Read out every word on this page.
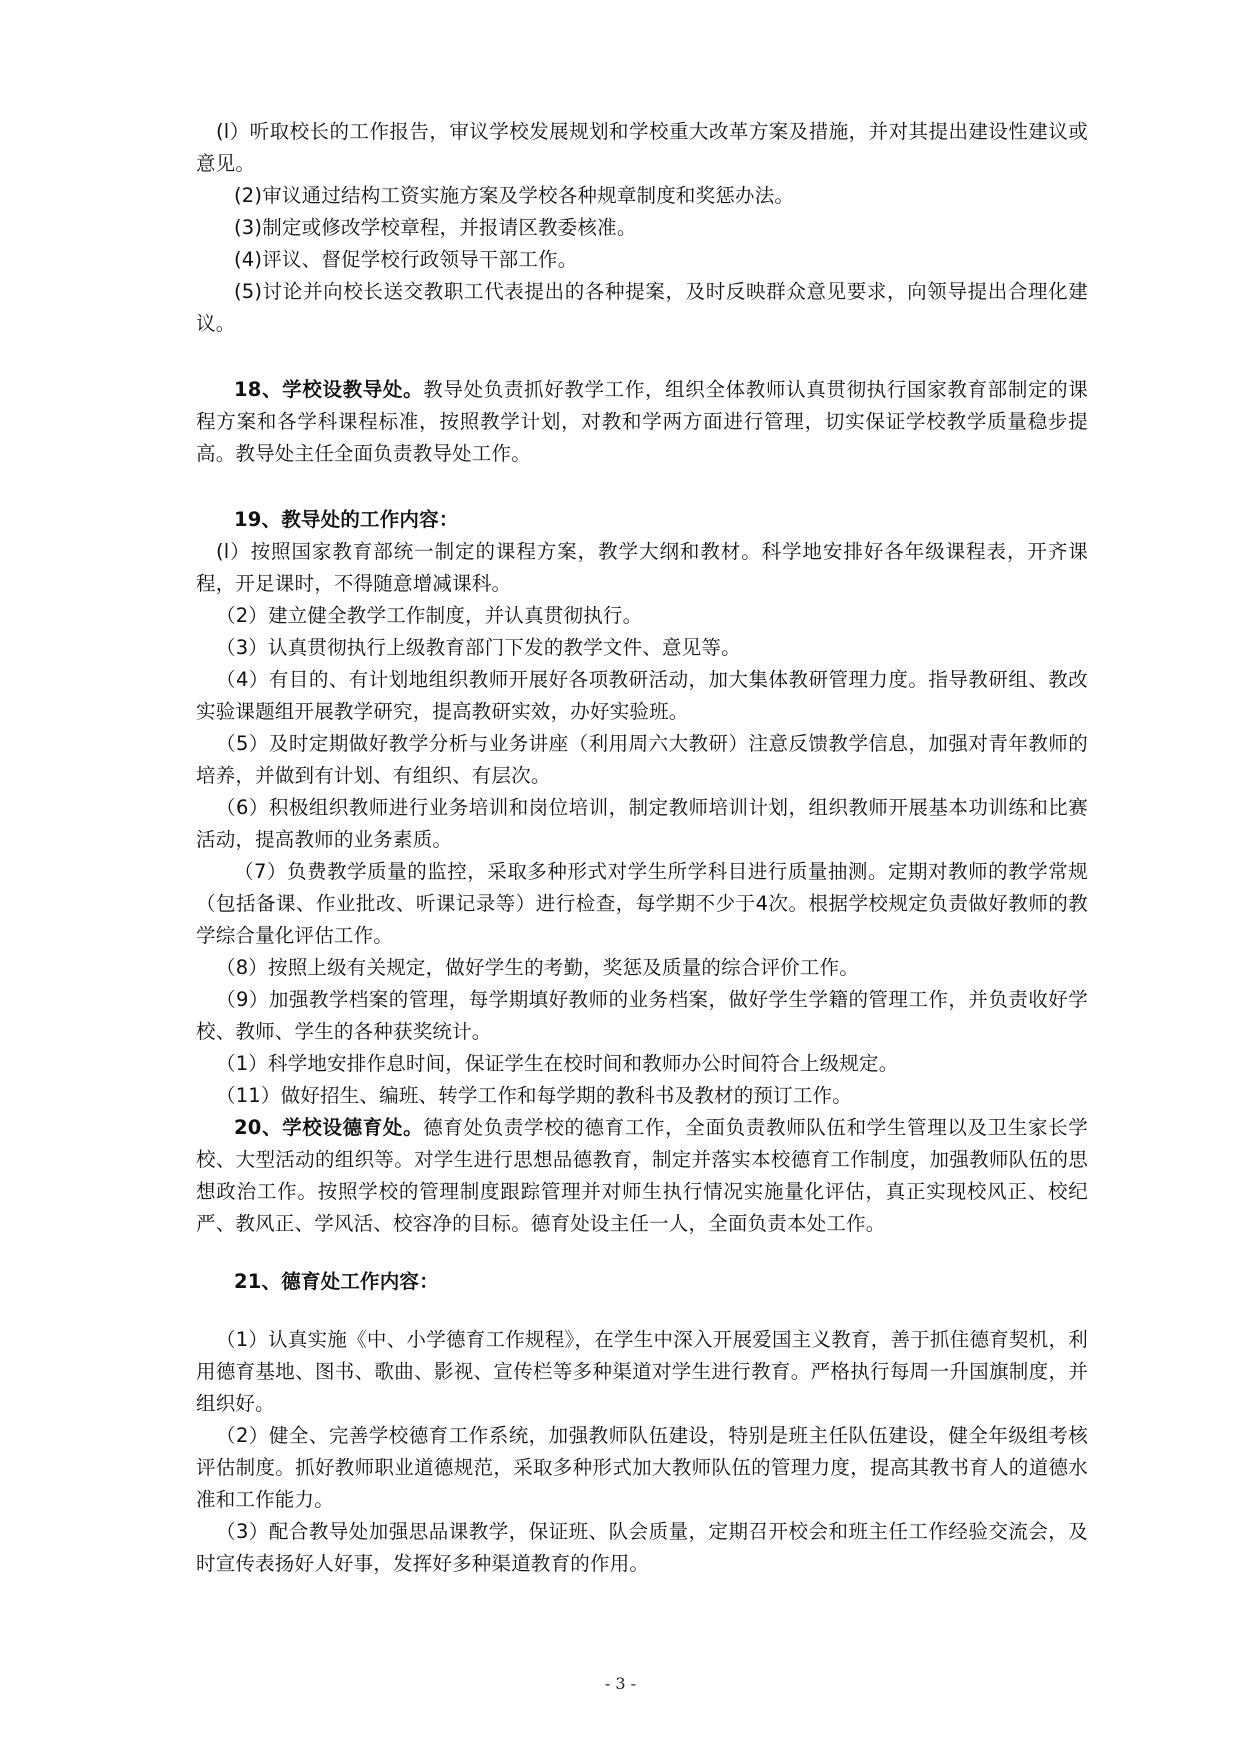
(l）听取校长的工作报告，审议学校发展规划和学校重大改革方案及措施，并对其提出建设性建议或意见。

(2)审议通过结构工资实施方案及学校各种规章制度和奖惩办法。

(3)制定或修改学校章程，并报请区教委核准。

(4)评议、督促学校行政领导干部工作。

(5)讨论并向校长送交教职工代表提出的各种提案，及时反映群众意见要求，向领导提出合理化建议。

18、学校设教导处。教导处负责抓好教学工作，组织全体教师认真贯彻执行国家教育部制定的课程方案和各学科课程标准，按照教学计划，对教和学两方面进行管理，切实保证学校教学质量稳步提高。教导处主任全面负责教导处工作。

19、教导处的工作内容：

(l）按照国家教育部统一制定的课程方案，教学大纲和教材。科学地安排好各年级课程表，开齐课程，开足课时，不得随意增减课科。

（2）建立健全教学工作制度，并认真贯彻执行。

（3）认真贯彻执行上级教育部门下发的教学文件、意见等。

（4）有目的、有计划地组织教师开展好各项教研活动，加大集体教研管理力度。指导教研组、教改实验课题组开展教学研究，提高教研实效，办好实验班。

（5）及时定期做好教学分析与业务讲座（利用周六大教研）注意反馈教学信息，加强对青年教师的培养，并做到有计划、有组织、有层次。

（6）积极组织教师进行业务培训和岗位培训，制定教师培训计划，组织教师开展基本功训练和比赛活动，提高教师的业务素质。

（7）负费教学质量的监控，采取多种形式对学生所学科目进行质量抽测。定期对教师的教学常规（包括备课、作业批改、听课记录等）进行检查，每学期不少于4次。根据学校规定负责做好教师的教学综合量化评估工作。

（8）按照上级有关规定，做好学生的考勤，奖惩及质量的综合评价工作。

（9）加强教学档案的管理，每学期填好教师的业务档案，做好学生学籍的管理工作，并负责收好学校、教师、学生的各种获奖统计。

（1）科学地安排作息时间，保证学生在校时间和教师办公时间符合上级规定。

（11）做好招生、编班、转学工作和每学期的教科书及教材的预订工作。

20、学校设德育处。德育处负责学校的德育工作，全面负责教师队伍和学生管理以及卫生家长学校、大型活动的组织等。对学生进行思想品德教育，制定并落实本校德育工作制度，加强教师队伍的思想政治工作。按照学校的管理制度跟踪管理并对师生执行情况实施量化评估，真正实现校风正、校纪严、教风正、学风活、校容净的目标。德育处设主任一人，全面负责本处工作。

21、德育处工作内容：

（1）认真实施《中、小学德育工作规程》，在学生中深入开展爱国主义教育，善于抓住德育契机，利用德育基地、图书、歌曲、影视、宣传栏等多种渠道对学生进行教育。严格执行每周一升国旗制度，并组织好。

（2）健全、完善学校德育工作系统，加强教师队伍建设，特别是班主任队伍建设，健全年级组考核评估制度。抓好教师职业道德规范，采取多种形式加大教师队伍的管理力度，提高其教书育人的道德水准和工作能力。

（3）配合教导处加强思品课教学，保证班、队会质量，定期召开校会和班主任工作经验交流会，及时宣传表扬好人好事，发挥好多种渠道教育的作用。

- 3 -
